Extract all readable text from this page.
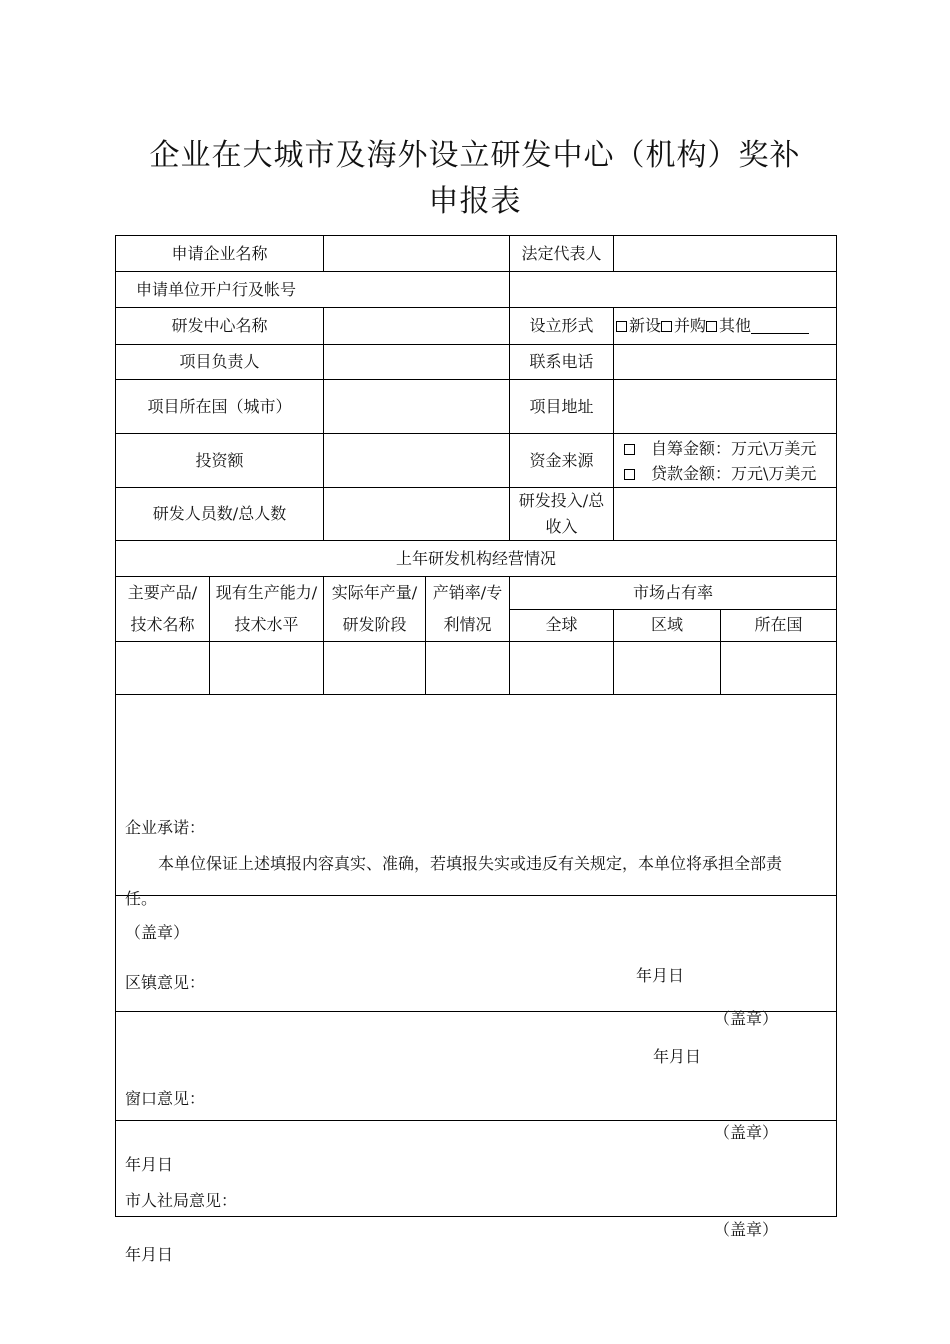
企业在大城市及海外设立研发中心（机构）奖补
申报表
申请企业名称				法定代表人		
申请单位开户行及帐号						
研发中心名称				设立形式	新设 并购 其他	
项目负责人				联系电话		
项目所在国（城市）				项目地址		
投资额				资金来源	自筹金额：万元\万美元
贷款金额：万元\万美元	

研发人员数/总人数				研发投入/总收入		
上年研发机构经营情况						
主要产品/技术名称	现有生产能力/技术水平	实际年产量/研发阶段	产销率/专利情况	市场占有率		
				全球	区域	所在国

企业承诺：
本单位保证上述填报内容真实、准确，若填报失实或违反有关规定，本单位将承担全部责
任。
（盖章）
年月日						

区镇意见：
（盖章）
年月日						

窗口意见：
（盖章）
年月日						

市人社局意见：
（盖章）
年月日						
